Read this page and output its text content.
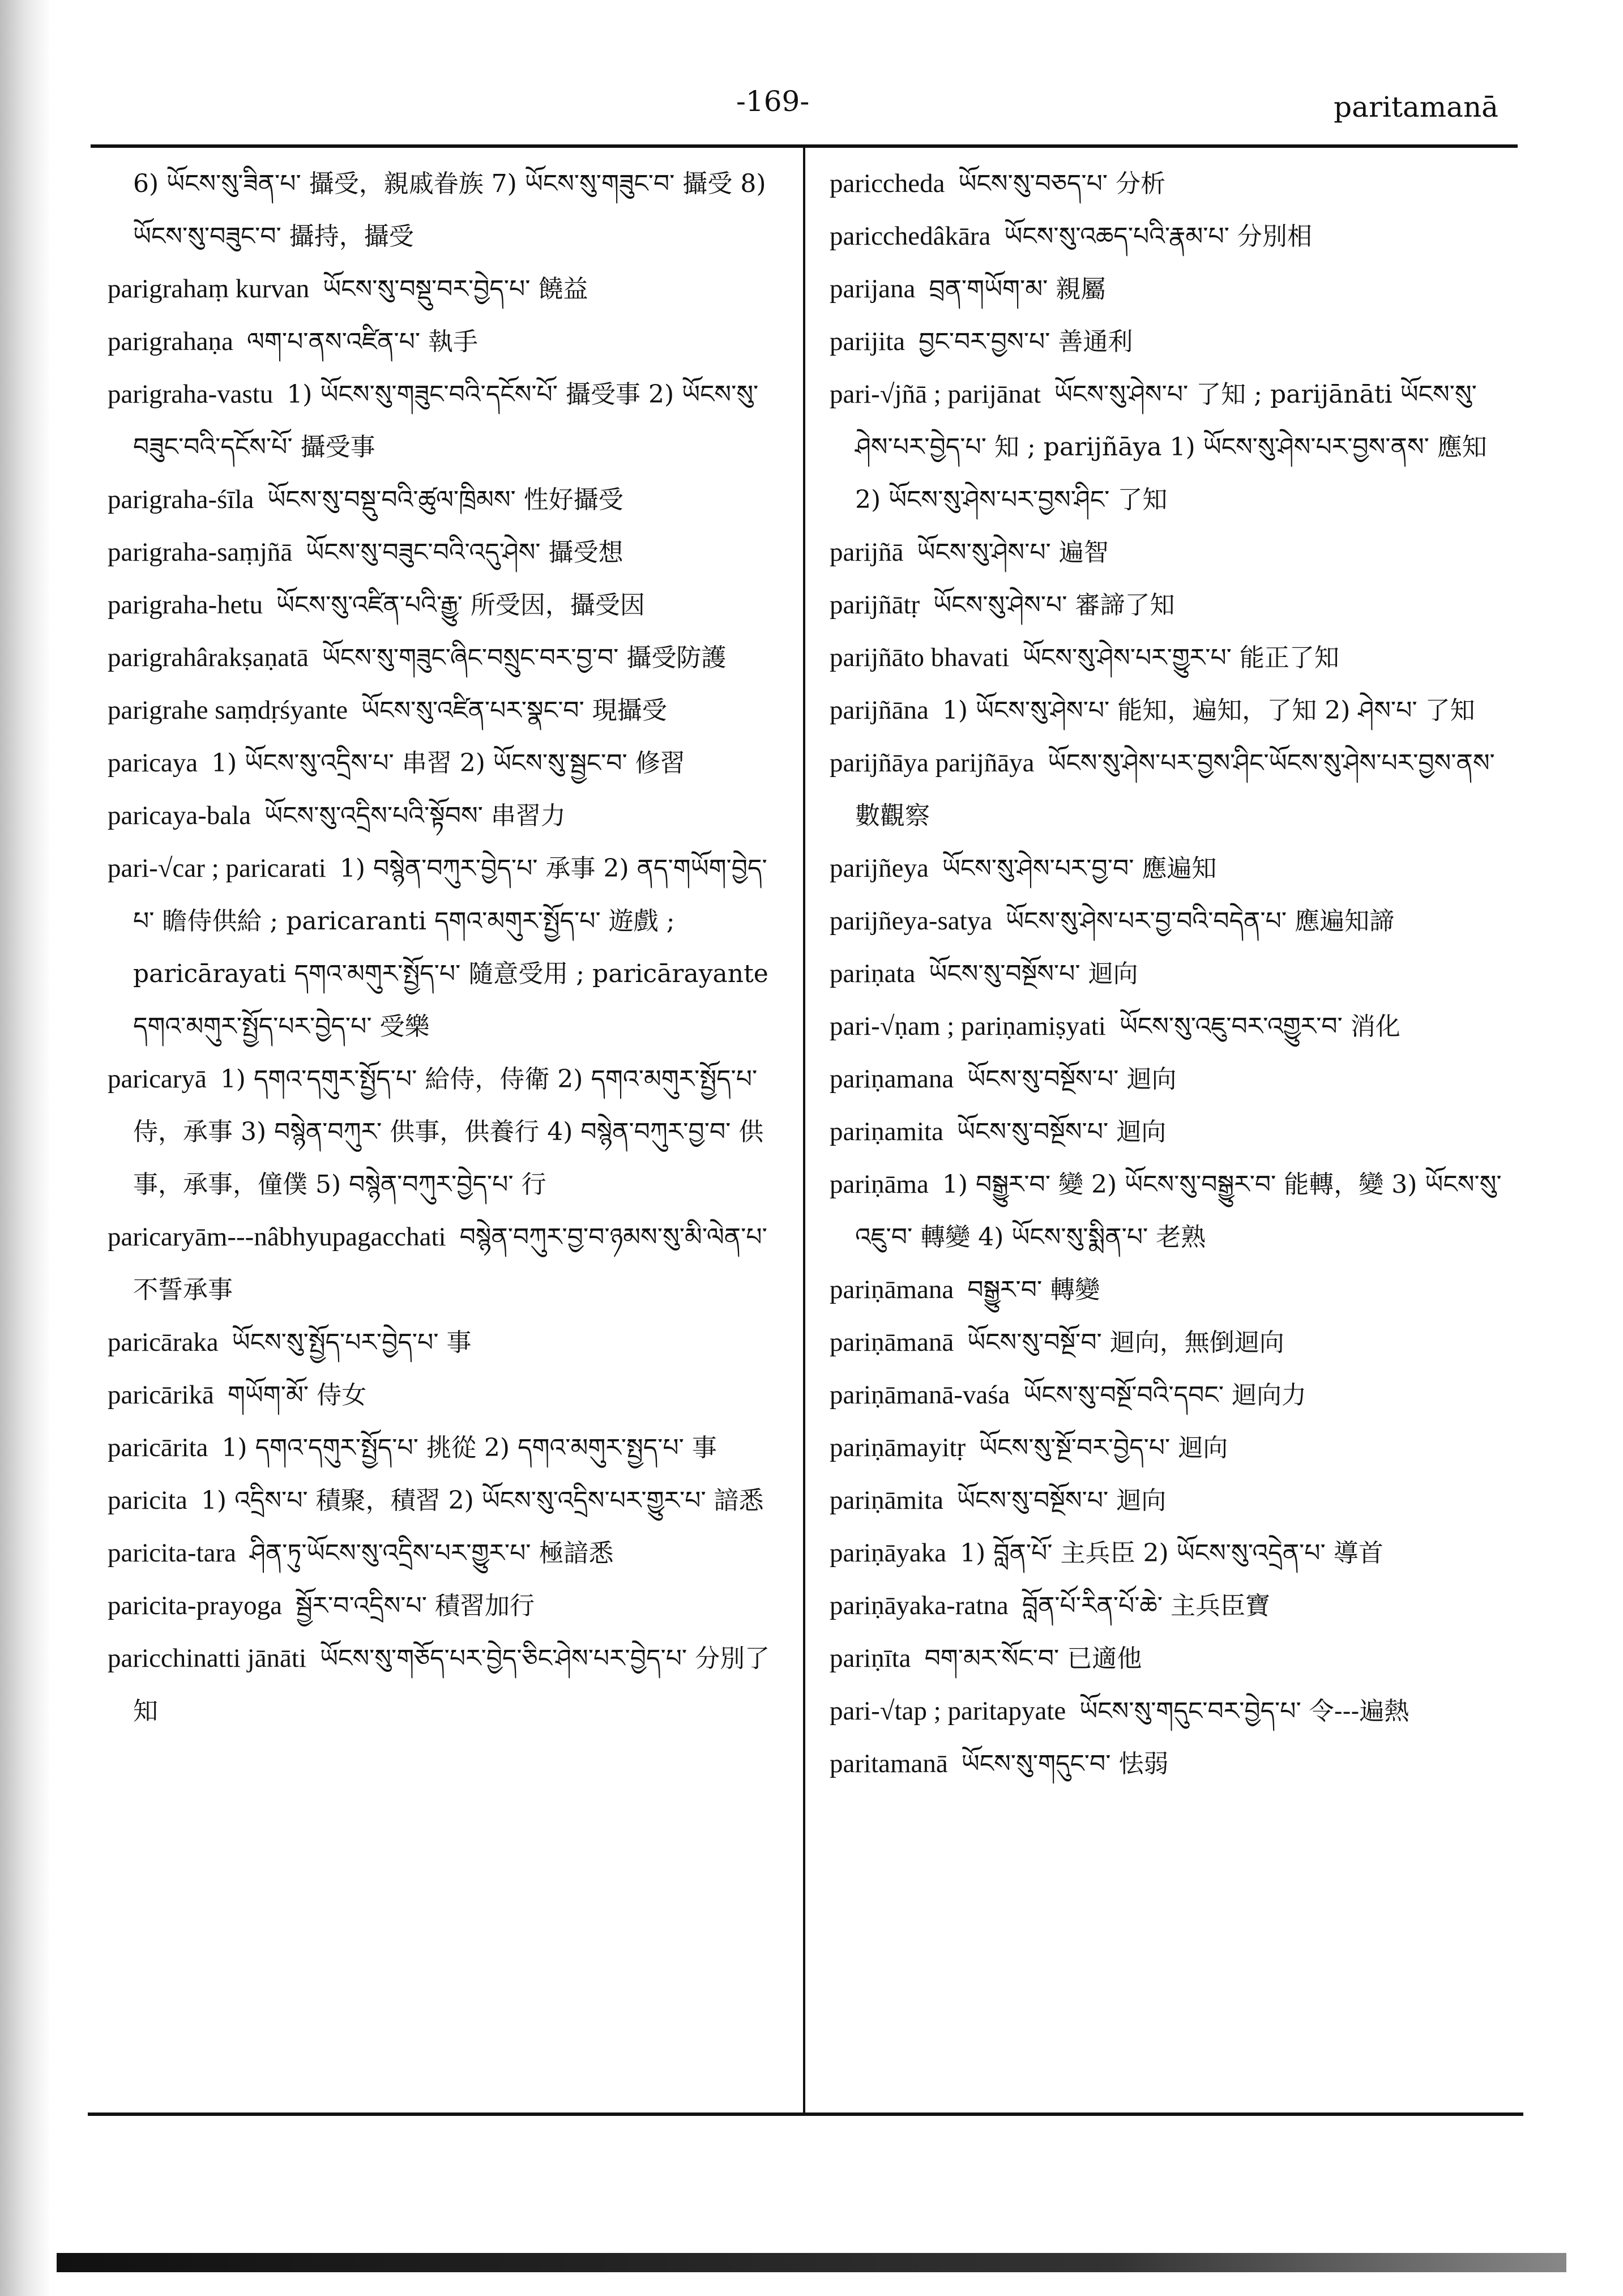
-169-	paritamanā
6) ཡོངས་སུ་ཟིན་པ་ 攝受，親戚眷族 7) ཡོངས་སུ་གཟུང་བ་ 攝受 8) ཡོངས་སུ་བཟུང་བ་ 攝持，攝受
parigrahaṃ kurvan ཡོངས་སུ་བསྡུ་བར་བྱེད་པ་ 饒益
parigrahaṇa ལག་པ་ནས་འཛིན་པ་ 執手
parigraha-vastu 1) ཡོངས་སུ་གཟུང་བའི་དངོས་པོ་ 攝受事 2) ཡོངས་སུ་བཟུང་བའི་དངོས་པོ་ 攝受事
parigraha-śīla ཡོངས་སུ་བསྡུ་བའི་ཚུལ་ཁྲིམས་ 性好攝受
parigraha-saṃjñā ཡོངས་སུ་བཟུང་བའི་འདུ་ཤེས་ 攝受想
parigraha-hetu ཡོངས་སུ་འཛིན་པའི་རྒྱུ་ 所受因，攝受因
parigrahârakṣaṇatā ཡོངས་སུ་གཟུང་ཞིང་བསྲུང་བར་བྱ་བ་ 攝受防護
parigrahe saṃdṛśyante ཡོངས་སུ་འཛིན་པར་སྣང་བ་ 現攝受
paricaya 1) ཡོངས་སུ་འདྲིས་པ་ 串習 2) ཡོངས་སུ་སྦྱང་བ་ 修習
paricaya-bala ཡོངས་སུ་འདྲིས་པའི་སྟོབས་ 串習力
pari-√car ; paricarati 1) བསྙེན་བཀུར་བྱེད་པ་ 承事 2) ནད་གཡོག་བྱེད་པ་ 瞻侍供給 ; paricaranti དགའ་མགུར་སྤྱོད་པ་ 遊戲 ; paricārayati དགའ་མགུར་སྤྱོད་པ་ 隨意受用 ; paricārayante དགའ་མགུར་སྤྱོད་པར་བྱེད་པ་ 受樂
paricaryā 1) དགའ་དགུར་སྤྱོད་པ་ 給侍，侍衛 2) དགའ་མགུར་སྤྱོད་པ་ 侍，承事 3) བསྙེན་བཀུར་ 供事，供養行 4) བསྙེན་བཀུར་བྱ་བ་ 供事，承事，僮僕 5) བསྙེན་བཀུར་བྱེད་པ་ 行
paricaryām---nâbhyupagacchati བསྙེན་བཀུར་བྱ་བ་ཉམས་སུ་མི་ལེན་པ་ 不誓承事
paricāraka ཡོངས་སུ་སྤྱོད་པར་བྱེད་པ་ 事
paricārikā གཡོག་མོ་ 侍女
paricārita 1) དགའ་དགུར་སྤྱོད་པ་ 挑從 2) དགའ་མགུར་སྤྱད་པ་ 事
paricita 1) འདྲིས་པ་ 積聚，積習 2) ཡོངས་སུ་འདྲིས་པར་གྱུར་པ་ 諳悉
paricita-tara ཤིན་ཏུ་ཡོངས་སུ་འདྲིས་པར་གྱུར་པ་ 極諳悉
paricita-prayoga སྦྱོར་བ་འདྲིས་པ་ 積習加行
paricchinatti jānāti ཡོངས་སུ་གཅོད་པར་བྱེད་ཅིང་ཤེས་པར་བྱེད་པ་ 分別了知
pariccheda ཡོངས་སུ་བཅད་པ་ 分析
paricchedâkāra ཡོངས་སུ་འཆད་པའི་རྣམ་པ་ 分別相
parijana བྲན་གཡོག་མ་ 親屬
parijita བྱང་བར་བྱས་པ་ 善通利
pari-√jñā ; parijānat ཡོངས་སུ་ཤེས་པ་ 了知 ; parijānāti ཡོངས་སུ་ཤེས་པར་བྱེད་པ་ 知 ; parijñāya 1) ཡོངས་སུ་ཤེས་པར་བྱས་ནས་ 應知 2) ཡོངས་སུ་ཤེས་པར་བྱས་ཤིང་ 了知
parijñā ཡོངས་སུ་ཤེས་པ་ 遍智
parijñātṛ ཡོངས་སུ་ཤེས་པ་ 審諦了知
parijñāto bhavati ཡོངས་སུ་ཤེས་པར་གྱུར་པ་ 能正了知
parijñāna 1) ཡོངས་སུ་ཤེས་པ་ 能知，遍知，了知 2) ཤེས་པ་ 了知
parijñāya parijñāya ཡོངས་སུ་ཤེས་པར་བྱས་ཤིང་ཡོངས་སུ་ཤེས་པར་བྱས་ནས་ 數觀察
parijñeya ཡོངས་སུ་ཤེས་པར་བྱ་བ་ 應遍知
parijñeya-satya ཡོངས་སུ་ཤེས་པར་བྱ་བའི་བདེན་པ་ 應遍知諦
pariṇata ཡོངས་སུ་བསྔོས་པ་ 迴向
pari-√ṇam ; pariṇamiṣyati ཡོངས་སུ་འཇུ་བར་འགྱུར་བ་ 消化
pariṇamana ཡོངས་སུ་བསྔོས་པ་ 迴向
pariṇamita ཡོངས་སུ་བསྔོས་པ་ 迴向
pariṇāma 1) བསྒྱུར་བ་ 變 2) ཡོངས་སུ་བསྒྱུར་བ་ 能轉，變 3) ཡོངས་སུ་འཇུ་བ་ 轉變 4) ཡོངས་སུ་སྨིན་པ་ 老熟
pariṇāmana བསྒྱུར་བ་ 轉變
pariṇāmanā ཡོངས་སུ་བསྔོ་བ་ 迴向，無倒迴向
pariṇāmanā-vaśa ཡོངས་སུ་བསྔོ་བའི་དབང་ 迴向力
pariṇāmayitṛ ཡོངས་སུ་སྔོ་བར་བྱེད་པ་ 迴向
pariṇāmita ཡོངས་སུ་བསྔོས་པ་ 迴向
pariṇāyaka 1) བློན་པོ་ 主兵臣 2) ཡོངས་སུ་འདྲེན་པ་ 導首
pariṇāyaka-ratna བློན་པོ་རིན་པོ་ཆེ་ 主兵臣寶
pariṇīta བག་མར་སོང་བ་ 已適他
pari-√tap ; paritapyate ཡོངས་སུ་གདུང་བར་བྱེད་པ་ 令---遍熱
paritamanā ཡོངས་སུ་གདུང་བ་ 怯弱
